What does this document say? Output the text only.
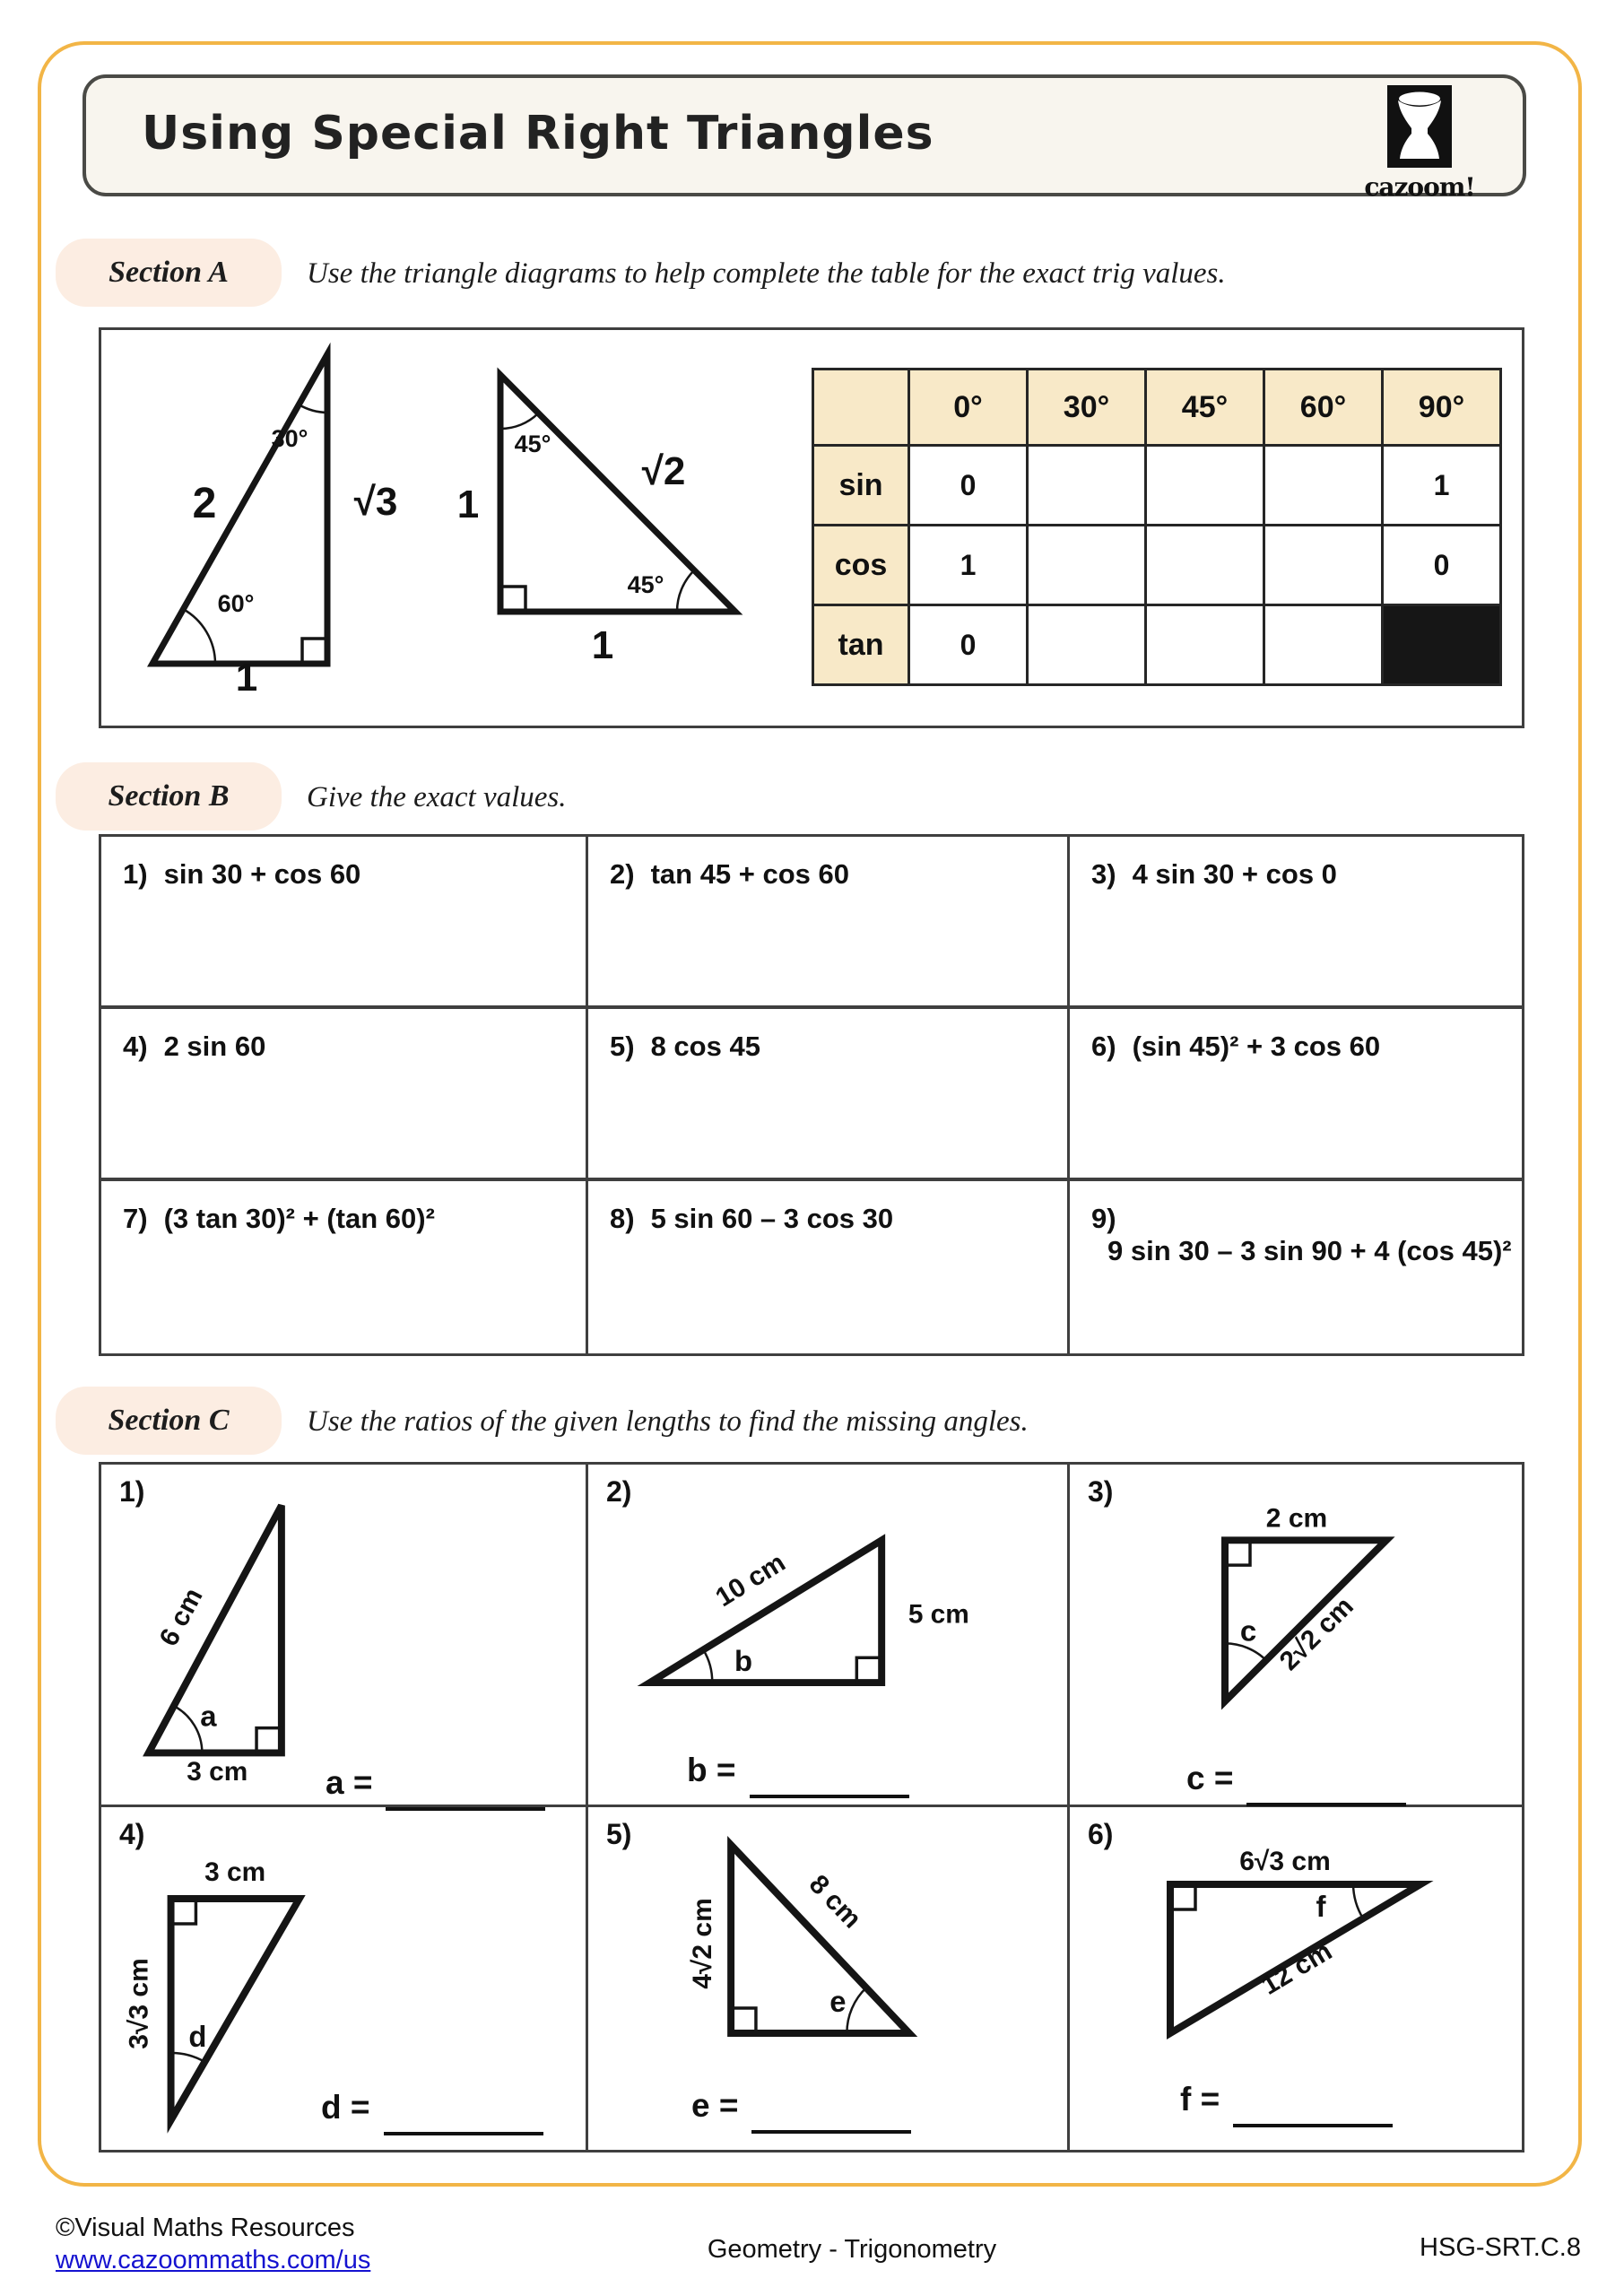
Using Special Right Triangles
cazoom!
Section A	Use the triangle diagrams to help complete the table for the exact trig values.
30°
2	√3
60°
1
45°
1
√2
45°
1
	0°	30°	45°	60°	90°
sin	0				1
cos	1				0
tan	0				
Section B	Give the exact values.
1) sin 30 + cos 60	2) tan 45 + cos 60	3) 4 sin 30 + cos 0
4) 2 sin 60	5) 8 cos 45	6) (sin 45)² + 3 cos 60
7) (3 tan 30)² + (tan 60)²	8) 5 sin 60 – 3 cos 30	9)9 sin 30 – 3 sin 90 + 4 (cos 45)²
Section C	Use the ratios of the given lengths to find the missing angles.
1)
6 cm
a
3 cm a =
2)
10 cm
5 cm
b
b =
3)
2 cm
2√2 cm
c
c =
4)
3 cm
3√3 cm d
d =
5)
4√2 cm	8 cm
e
e =
6)
6√3 cm
12 cm
f
f =
©Visual Maths Resources
www.cazoommaths.com/us	Geometry - Trigonometry	HSG-SRT.C.8
